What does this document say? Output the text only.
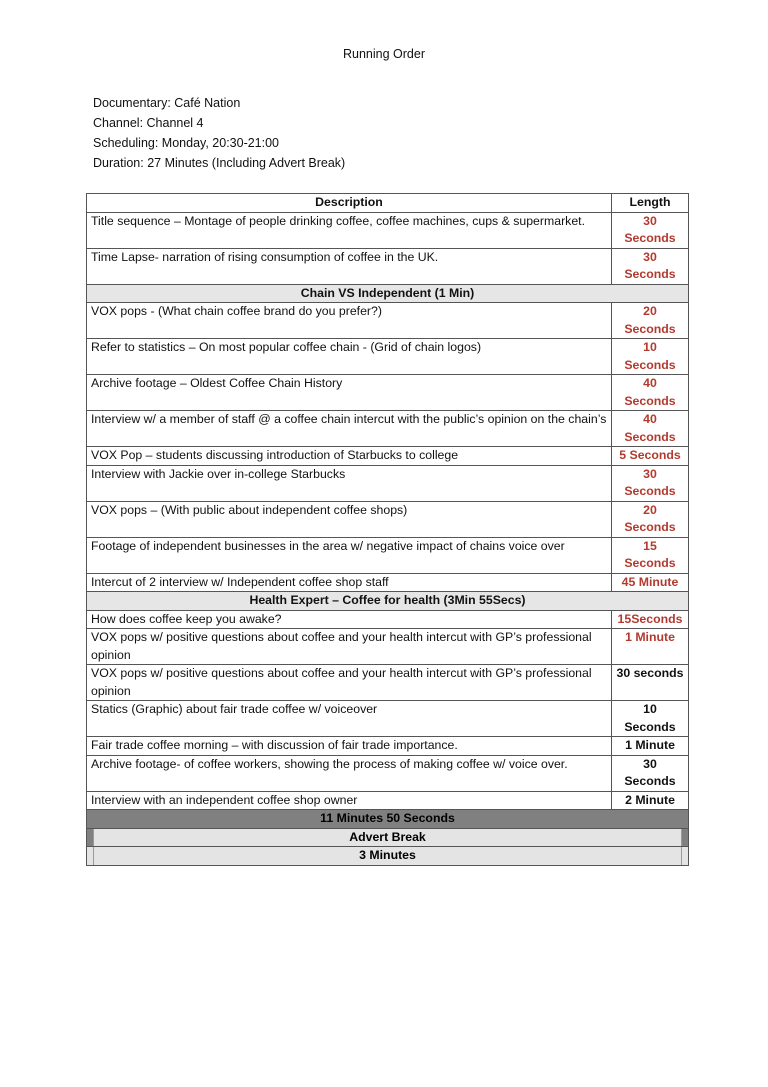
Running Order
Documentary: Café Nation
Channel: Channel 4
Scheduling: Monday, 20:30-21:00
Duration: 27 Minutes (Including Advert Break)
Description	Length
Title sequence – Montage of people drinking coffee, coffee machines, cups & supermarket.	30 Seconds
Time Lapse- narration of rising consumption of coffee in the UK.	30 Seconds
Chain VS Independent (1 Min)	
VOX pops - (What chain coffee brand do you prefer?)	20 Seconds
Refer to statistics – On most popular coffee chain - (Grid of chain logos)	10 Seconds
Archive footage – Oldest Coffee Chain History	40 Seconds
Interview w/ a member of staff @ a coffee chain intercut with the public’s opinion on the chain’s	40 Seconds
VOX Pop – students discussing introduction of Starbucks to college	5 Seconds
Interview with Jackie over in-college Starbucks	30 Seconds
VOX pops – (With public about independent coffee shops)	20 Seconds
Footage of independent businesses in the area w/ negative impact of chains voice over	15 Seconds
Intercut of 2 interview w/ Independent coffee shop staff	45 Minute
Health Expert – Coffee for health (3Min 55Secs)	
How does coffee keep you awake?	15Seconds
VOX pops w/ positive questions about coffee and your health intercut with GP’s professional opinion	1 Minute
VOX pops w/ positive questions about coffee and your health intercut with GP’s professional opinion	30 seconds
Statics (Graphic) about fair trade coffee w/ voiceover	10 Seconds
Fair trade coffee morning – with discussion of fair trade importance.	1 Minute
Archive footage- of coffee workers, showing the process of making coffee w/ voice over.	30 Seconds
Interview with an independent coffee shop owner	2 Minute
11 Minutes 50 Seconds	

Advert Break	

3 Minutes	
